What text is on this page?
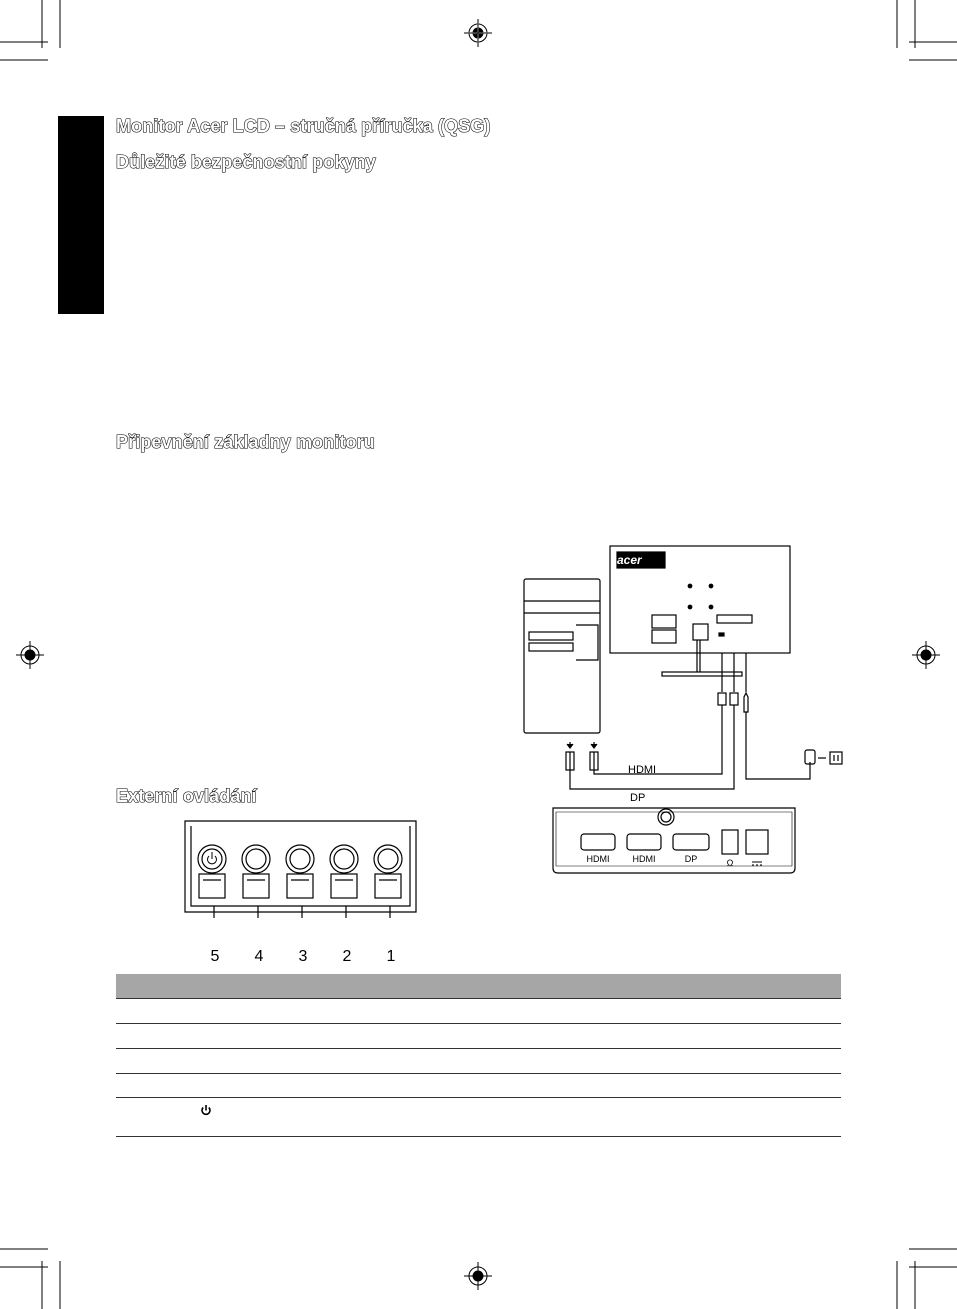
Monitor Acer LCD – stručná příručka (QSG)
Důležité bezpečnostní pokyny
Připevnění základny monitoru
Externí ovládání
acer
HDMI
DP
HDMI	HDMI	DP	Ω
5	4	3	2	1
